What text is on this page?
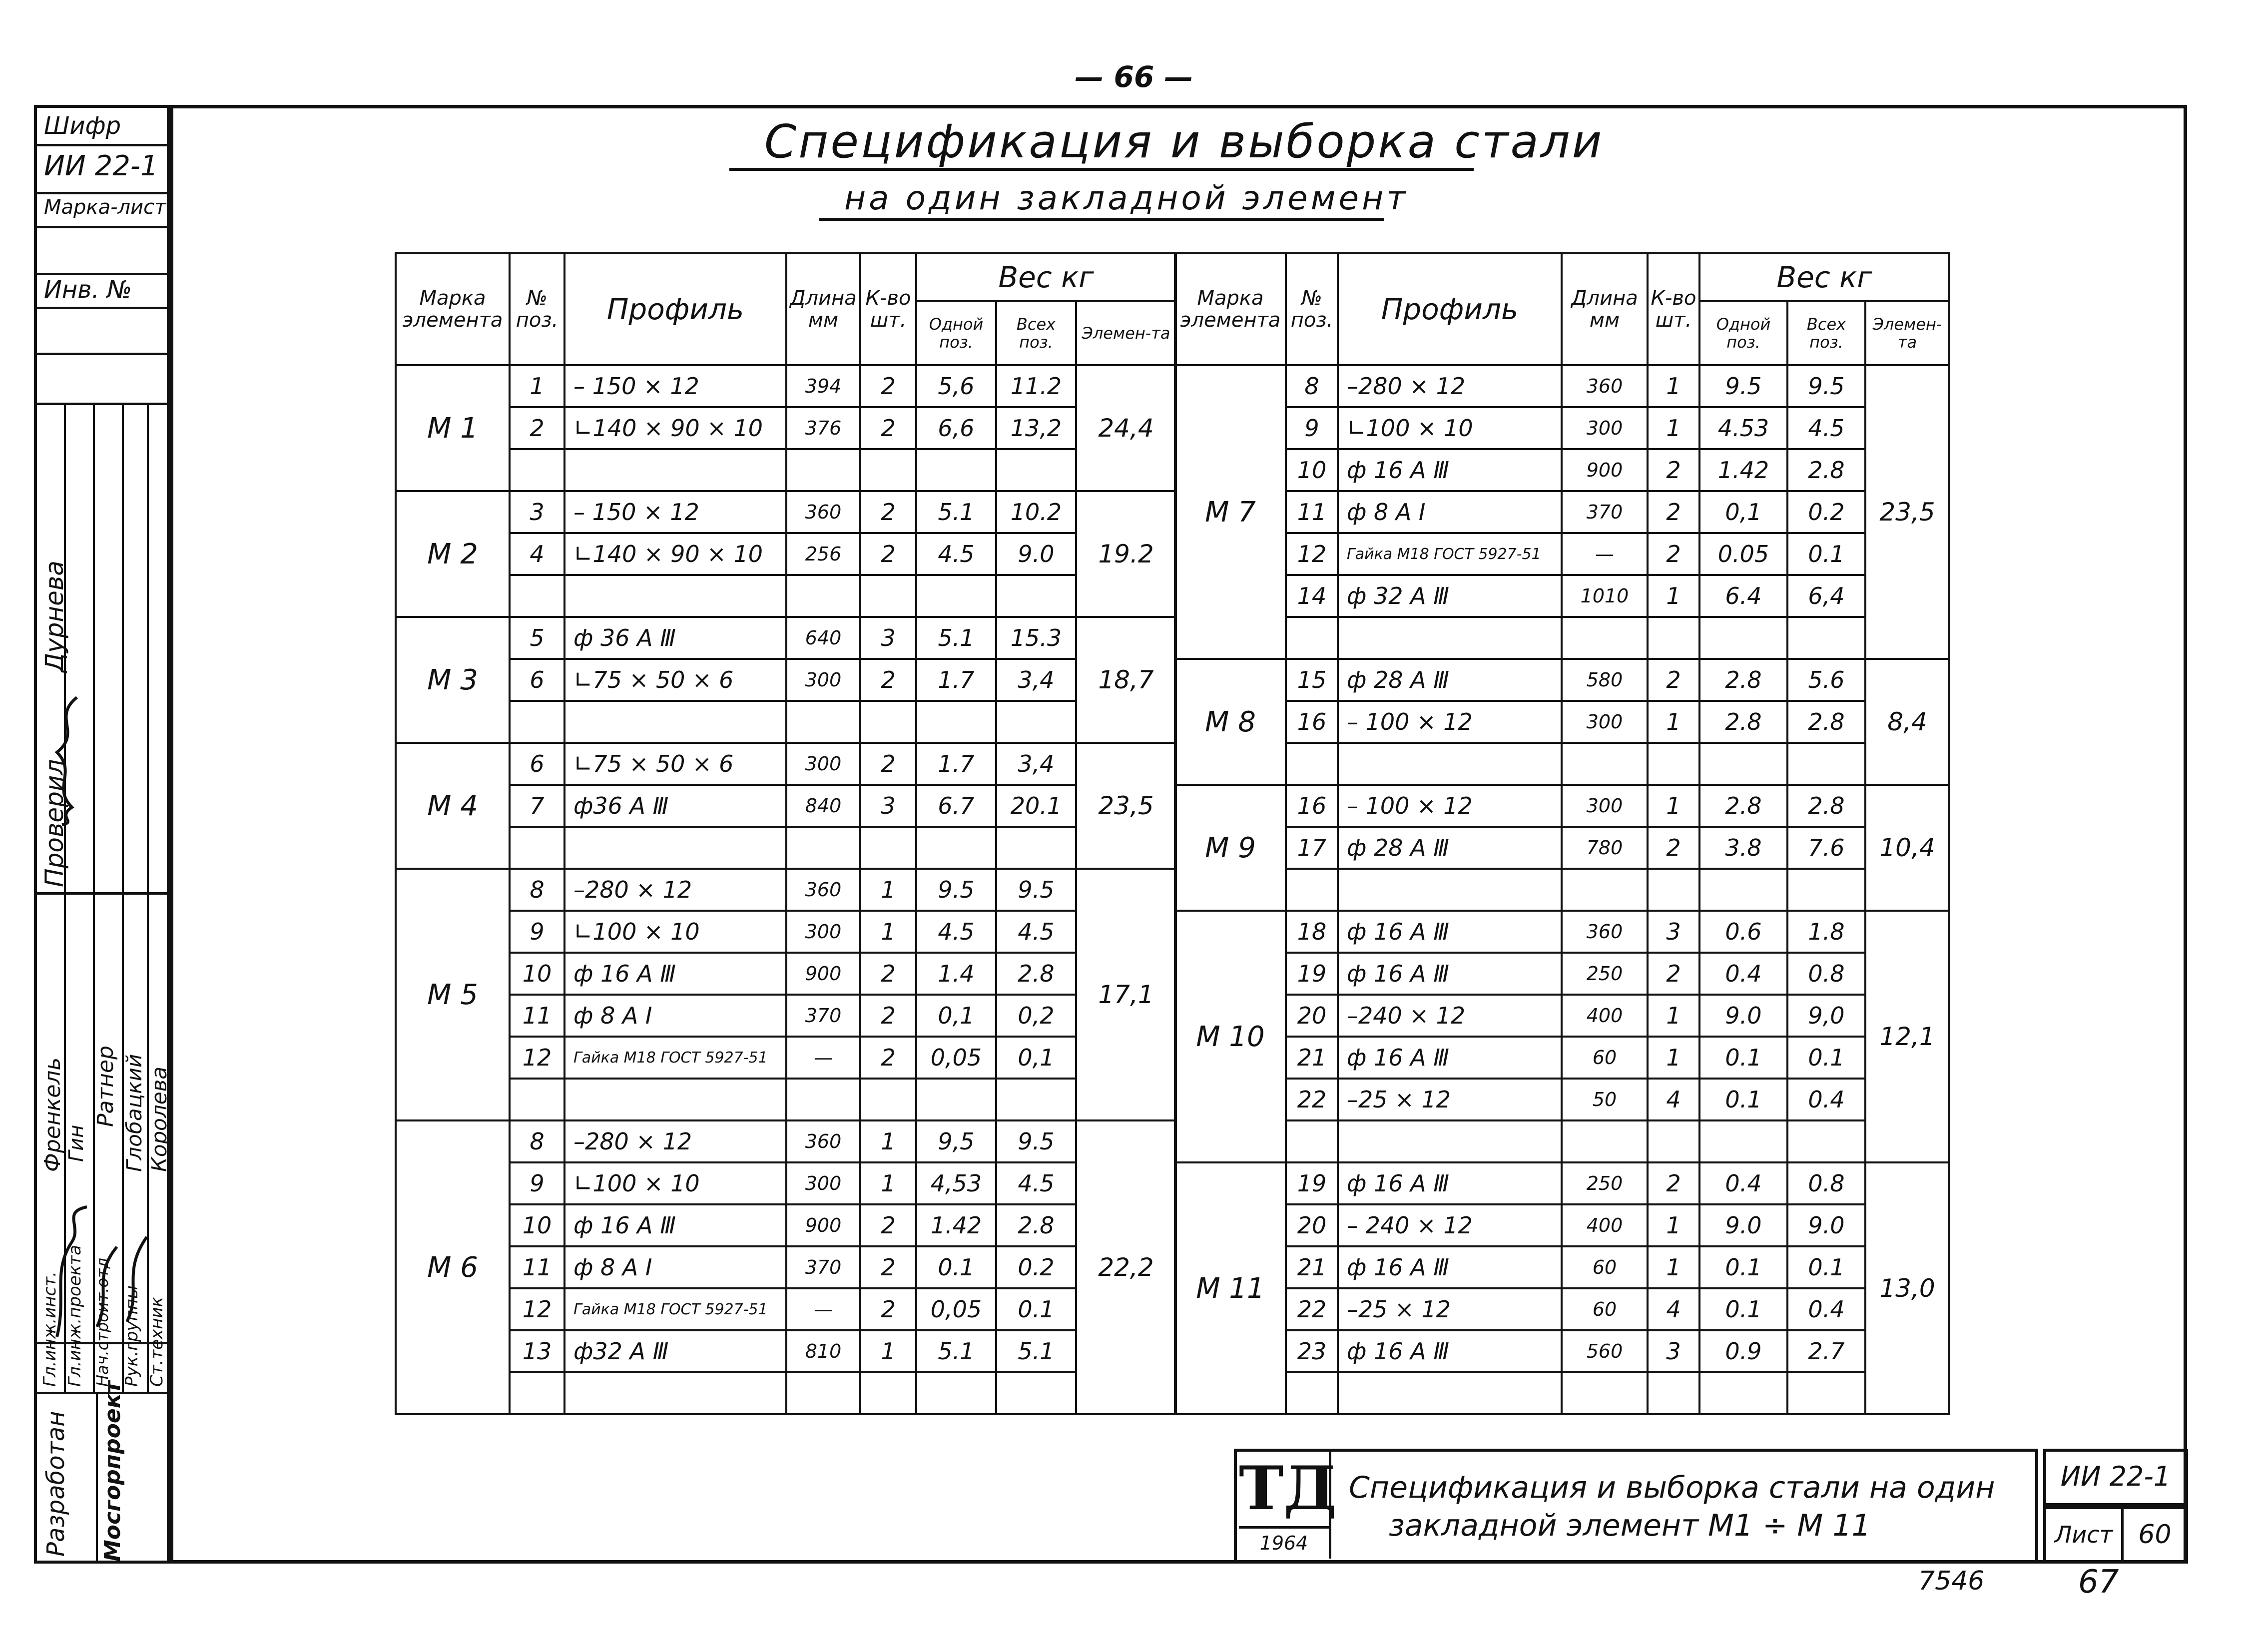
— 66 —
Шифр
ИИ 22-1
Марка-лист
Инв. №
Дурнева
Проверил
Френкель Гин
Ратнер Глобацкий Королева
Гл.инж.инст. Гл.инж.проекта Нач.строит.отд Рук.группы Ст.техник
Разработан Мосгорпроект
Спецификация и выборка стали
на один закладной элемент
Марка элемента	№ поз.	Профиль	Длина мм	К-во шт.	Вес кг		
					Одной поз.	Всех поз.	Элемен-та
М 1	1	– 150 × 12	394	2	5,6	11.2	24,4
	2	∟140 × 90 × 10	376	2	6,6	13,2	

М 2	3	– 150 × 12	360	2	5.1	10.2	19.2
	4	∟140 × 90 × 10	256	2	4.5	9.0	

М 3	5	ф 36 А Ⅲ	640	3	5.1	15.3	18,7
	6	∟75 × 50 × 6	300	2	1.7	3,4	

М 4	6	∟75 × 50 × 6	300	2	1.7	3,4	23,5
	7	ф36 А Ⅲ	840	3	6.7	20.1	

М 5	8	–280 × 12	360	1	9.5	9.5	17,1
	9	∟100 × 10	300	1	4.5	4.5	
	10	ф 16 А Ⅲ	900	2	1.4	2.8	
	11	ф 8 А Ⅰ	370	2	0,1	0,2	
	12	Гайка М18 ГОСТ 5927-51	—	2	0,05	0,1	

М 6	8	–280 × 12	360	1	9,5	9.5	22,2
	9	∟100 × 10	300	1	4,53	4.5	
	10	ф 16 А Ⅲ	900	2	1.42	2.8	
	11	ф 8 А Ⅰ	370	2	0.1	0.2	
	12	Гайка М18 ГОСТ 5927-51	—	2	0,05	0.1	
	13	ф32 А Ⅲ	810	1	5.1	5.1	

Марка элемента	№ поз.	Профиль	Длина мм	К-во шт.	Вес кг		
					Одной поз.	Всех поз.	Элемен-та
М 7	8	–280 × 12	360	1	9.5	9.5	23,5
	9	∟100 × 10	300	1	4.53	4.5	
	10	ф 16 А Ⅲ	900	2	1.42	2.8	
	11	ф 8 А Ⅰ	370	2	0,1	0.2	
	12	Гайка М18 ГОСТ 5927-51	—	2	0.05	0.1	
	14	ф 32 А Ⅲ	1010	1	6.4	6,4	

М 8	15	ф 28 А Ⅲ	580	2	2.8	5.6	8,4
	16	– 100 × 12	300	1	2.8	2.8	

М 9	16	– 100 × 12	300	1	2.8	2.8	10,4
	17	ф 28 А Ⅲ	780	2	3.8	7.6	

М 10	18	ф 16 А Ⅲ	360	3	0.6	1.8	12,1
	19	ф 16 А Ⅲ	250	2	0.4	0.8	
	20	–240 × 12	400	1	9.0	9,0	
	21	ф 16 А Ⅲ	60	1	0.1	0.1	
	22	–25 × 12	50	4	0.1	0.4	

М 11	19	ф 16 А Ⅲ	250	2	0.4	0.8	13,0
	20	– 240 × 12	400	1	9.0	9.0	
	21	ф 16 А Ⅲ	60	1	0.1	0.1	
	22	–25 × 12	60	4	0.1	0.4	
	23	ф 16 А Ⅲ	560	3	0.9	2.7	

ТД
1964
Спецификация и выборка стали на один
закладной элемент М1 ÷ М 11
ИИ 22-1
Лист 60
7546	67
